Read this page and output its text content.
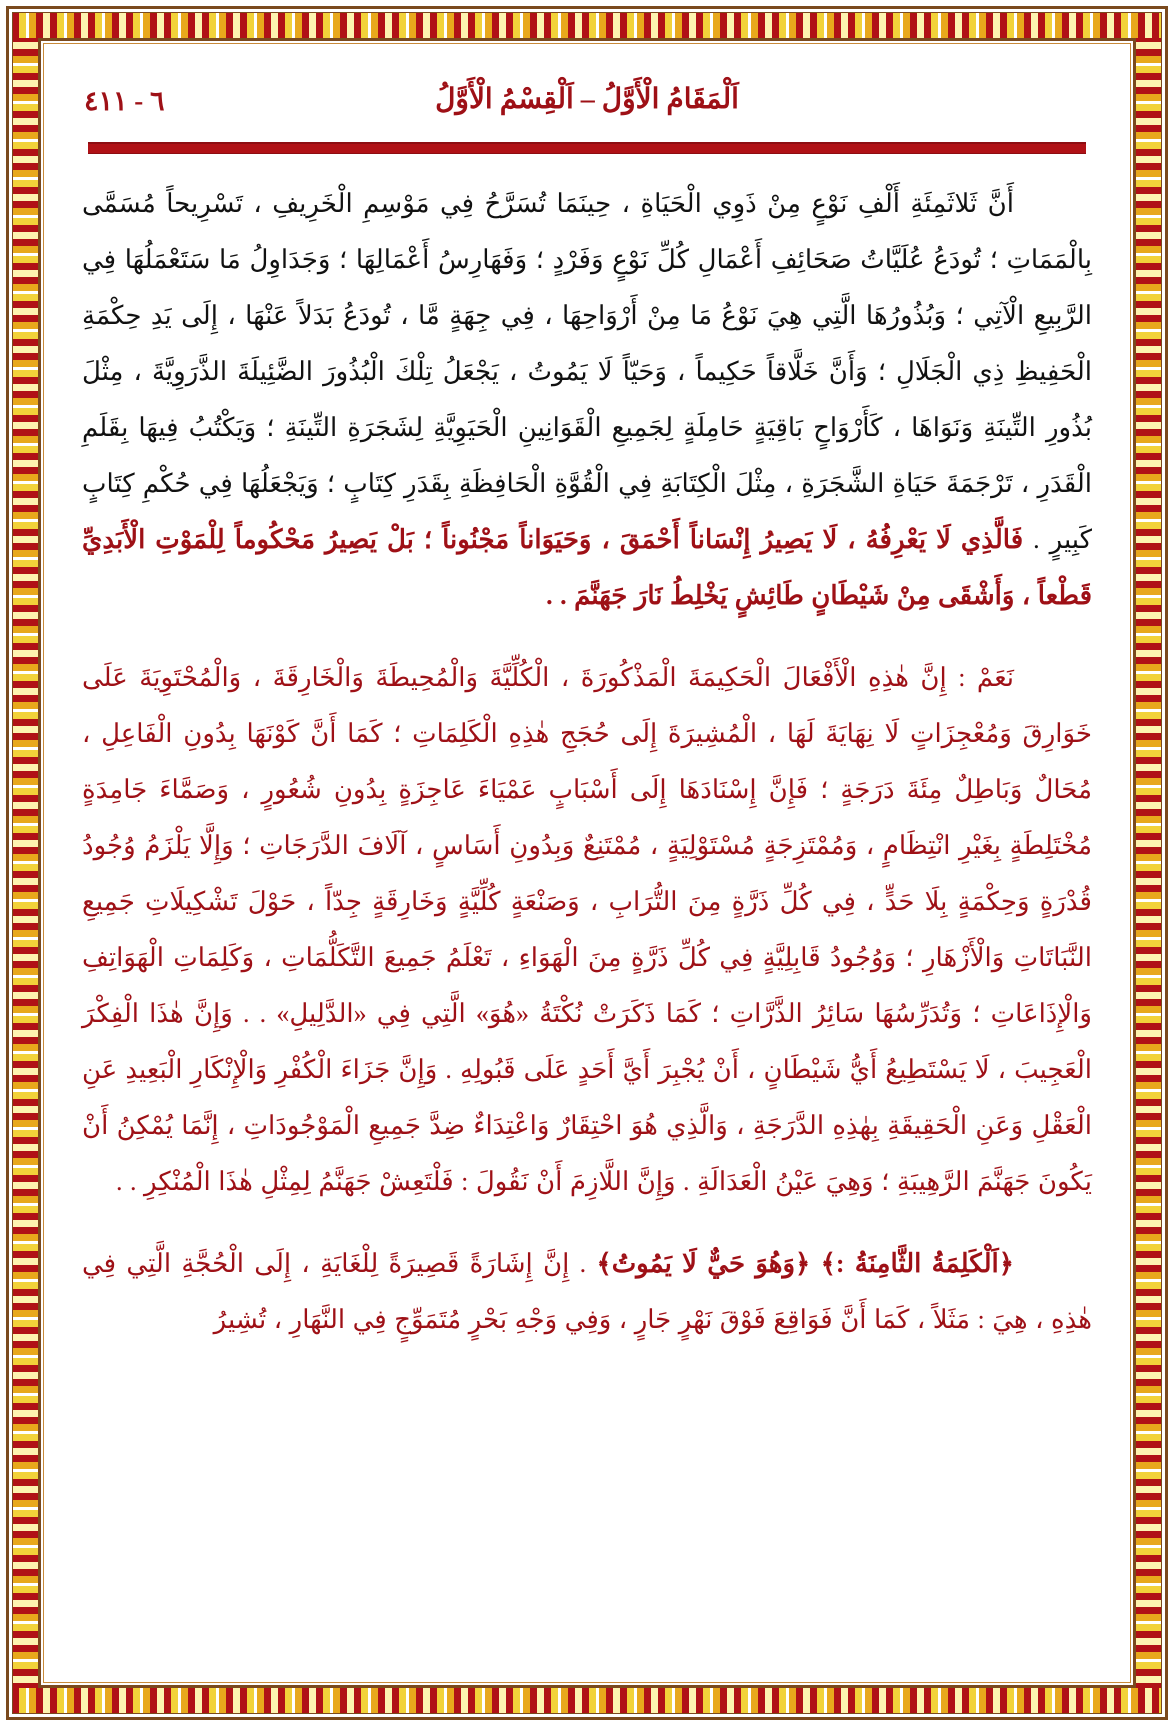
٦ - ٤١١	اَلْمَقَامُ الْأَوَّلُ – اَلْقِسْمُ الْأَوَّلُ

أَنَّ ثَلاثَمِئَةِ أَلْفِ نَوْعٍ مِنْ ذَوِي الْحَيَاةِ ، حِينَمَا تُسَرَّحُ فِي مَوْسِمِ الْخَرِيفِ ، تَسْرِيحاً مُسَمَّى بِالْمَمَاتِ ؛ تُودَعُ عُلَيَّاتُ صَحَائِفِ أَعْمَالِ كُلِّ نَوْعٍ وَفَرْدٍ ؛ وَفَهَارِسُ أَعْمَالِهَا ؛ وَجَدَاوِلُ مَا سَتَعْمَلُهَا فِي الرَّبِيعِ الْآتِي ؛ وَبُذُورُهَا الَّتِي هِيَ نَوْعُ مَا مِنْ أَرْوَاحِهَا ، فِي جِهَةٍ مَّا ، تُودَعُ بَدَلاً عَنْهَا ، إِلَى يَدِ حِكْمَةِ الْحَفِيظِ ذِي الْجَلَالِ ؛ وَأَنَّ خَلَّاقاً حَكِيماً ، وَحَيّاً لَا يَمُوتُ ، يَجْعَلُ تِلْكَ الْبُذُورَ الضَّئِيلَةَ الذَّرَوِيَّةَ ، مِثْلَ بُذُورِ التِّينَةِ وَنَوَاهَا ، كَأَرْوَاحٍ بَاقِيَةٍ حَامِلَةٍ لِجَمِيعِ الْقَوَانِينِ الْحَيَوِيَّةِ لِشَجَرَةِ التِّينَةِ ؛ وَيَكْتُبُ فِيهَا بِقَلَمِ الْقَدَرِ ، تَرْجَمَةَ حَيَاةِ الشَّجَرَةِ ، مِثْلَ الْكِتَابَةِ فِي الْقُوَّةِ الْحَافِظَةِ بِقَدَرِ كِتَابٍ ؛ وَيَجْعَلُهَا فِي حُكْمِ كِتَابٍ كَبِيرٍ . فَالَّذِي لَا يَعْرِفُهُ ، لَا يَصِيرُ إِنْسَاناً أَحْمَقَ ، وَحَيَوَاناً مَجْنُوناً ؛ بَلْ يَصِيرُ مَحْكُوماً لِلْمَوْتِ الْأَبَدِيِّ قَطْعاً ، وَأَشْقَى مِنْ شَيْطَانٍ طَائِشٍ يَخْلِطُ نَارَ جَهَنَّمَ . .

نَعَمْ : إِنَّ هٰذِهِ الْأَفْعَالَ الْحَكِيمَةَ الْمَذْكُورَةَ ، الْكُلِّيَّةَ وَالْمُحِيطَةَ وَالْخَارِقَةَ ، وَالْمُحْتَوِيَةَ عَلَى خَوَارِقَ وَمُعْجِزَاتٍ لَا نِهَايَةَ لَهَا ، الْمُشِيرَةَ إِلَى حُجَجِ هٰذِهِ الْكَلِمَاتِ ؛ كَمَا أَنَّ كَوْنَهَا بِدُونِ الْفَاعِلِ ، مُحَالٌ وَبَاطِلٌ مِئَةَ دَرَجَةٍ ؛ فَإِنَّ إِسْنَادَهَا إِلَى أَسْبَابٍ عَمْيَاءَ عَاجِزَةٍ بِدُونِ شُعُورٍ ، وَصَمَّاءَ جَامِدَةٍ مُخْتَلِطَةٍ بِغَيْرِ انْتِظَامٍ ، وَمُمْتَزِجَةٍ مُسْتَوْلِيَةٍ ، مُمْتَنِعٌ وَبِدُونِ أَسَاسٍ ، آلَافَ الدَّرَجَاتِ ؛ وَإِلَّا يَلْزَمُ وُجُودُ قُدْرَةٍ وَحِكْمَةٍ بِلَا حَدٍّ ، فِي كُلِّ ذَرَّةٍ مِنَ التُّرَابِ ، وَصَنْعَةٍ كُلِّيَّةٍ وَخَارِقَةٍ جِدّاً ، حَوْلَ تَشْكِيلَاتِ جَمِيعِ النَّبَاتَاتِ وَالْأَزْهَارِ ؛ وَوُجُودُ قَابِلِيَّةٍ فِي كُلِّ ذَرَّةٍ مِنَ الْهَوَاءِ ، تَعْلَمُ جَمِيعَ التَّكَلُّمَاتِ ، وَكَلِمَاتِ الْهَوَاتِفِ وَالْإِذَاعَاتِ ؛ وَتُدَرِّسُهَا سَائِرُ الذَّرَّاتِ ؛ كَمَا ذَكَرَتْ نُكْتَةُ «هُوَ» الَّتِي فِي «الدَّلِيلِ» . . وَإِنَّ هٰذَا الْفِكْرَ الْعَجِيبَ ، لَا يَسْتَطِيعُ أَيُّ شَيْطَانٍ ، أَنْ يُجْبِرَ أَيَّ أَحَدٍ عَلَى قَبُولِهِ . وَإِنَّ جَزَاءَ الْكُفْرِ وَالْإِنْكَارِ الْبَعِيدِ عَنِ الْعَقْلِ وَعَنِ الْحَقِيقَةِ بِهٰذِهِ الدَّرَجَةِ ، وَالَّذِي هُوَ احْتِقَارٌ وَاعْتِدَاءٌ ضِدَّ جَمِيعِ الْمَوْجُودَاتِ ، إِنَّمَا يُمْكِنُ أَنْ يَكُونَ جَهَنَّمَ الرَّهِيبَةِ ؛ وَهِيَ عَيْنُ الْعَدَالَةِ . وَإِنَّ اللَّازِمَ أَنْ نَقُولَ : فَلْتَعِشْ جَهَنَّمُ لِمِثْلِ هٰذَا الْمُنْكِرِ . .

﴿اَلْكَلِمَةُ الثَّامِنَةُ :﴾ ﴿وَهُوَ حَيٌّ لَا يَمُوتُ﴾ . إِنَّ إِشَارَةً قَصِيرَةً لِلْغَايَةِ ، إِلَى الْحُجَّةِ الَّتِي فِي هٰذِهِ ، هِيَ : مَثَلاً ، كَمَا أَنَّ فَوَاقِعَ فَوْقَ نَهْرٍ جَارٍ ، وَفِي وَجْهِ بَحْرٍ مُتَمَوِّجٍ فِي النَّهَارِ ، تُشِيرُ
